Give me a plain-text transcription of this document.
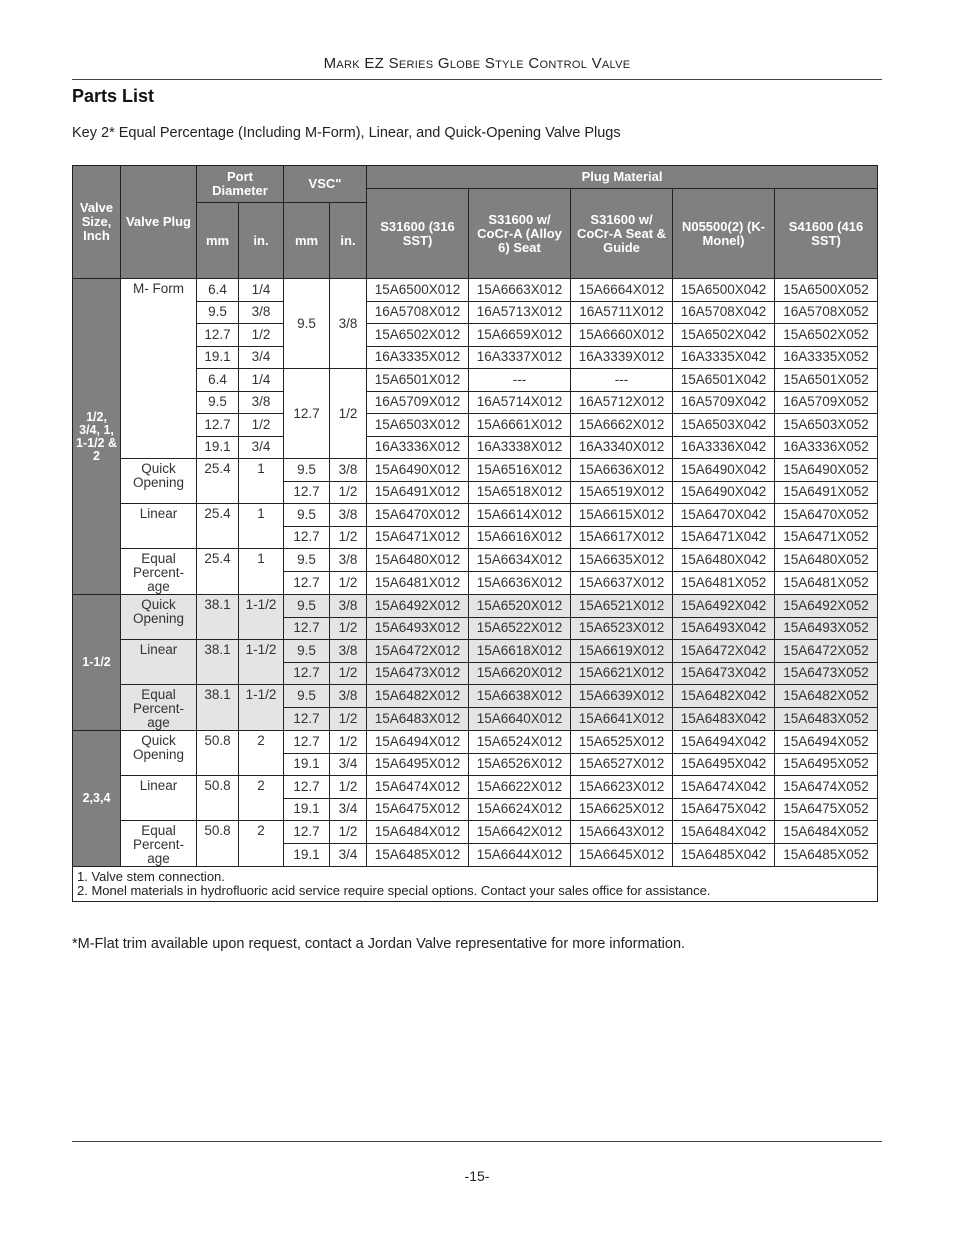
Mark EZ Series Globe Style Control Valve
Parts List
Key 2* Equal Percentage (Including M-Form), Linear, and Quick-Opening Valve Plugs
Valve Size, Inch	Valve Plug	Port Diameter		VSC"		Plug Material				
						S31600 (316 SST)	S31600 w/ CoCr-A (Alloy 6) Seat	S31600 w/ CoCr-A Seat & Guide	N05500(2) (K-Monel)	S41600 (416 SST)
		mm	in.	mm	in.					
1/2, 3/4, 1, 1-1/2 & 2	M- Form	6.4	1/4	9.5	3/8	15A6500X012	15A6663X012	15A6664X012	15A6500X042	15A6500X052
		9.5	3/8			16A5708X012	16A5713X012	16A5711X012	16A5708X042	16A5708X052
		12.7	1/2			15A6502X012	15A6659X012	15A6660X012	15A6502X042	15A6502X052
		19.1	3/4			16A3335X012	16A3337X012	16A3339X012	16A3335X042	16A3335X052
		6.4	1/4	12.7	1/2	15A6501X012	---	---	15A6501X042	15A6501X052
		9.5	3/8			16A5709X012	16A5714X012	16A5712X012	16A5709X042	16A5709X052
		12.7	1/2			15A6503X012	15A6661X012	15A6662X012	15A6503X042	15A6503X052
		19.1	3/4			16A3336X012	16A3338X012	16A3340X012	16A3336X042	16A3336X052
	Quick Opening	25.4	1	9.5	3/8	15A6490X012	15A6516X012	15A6636X012	15A6490X042	15A6490X052
				12.7	1/2	15A6491X012	15A6518X012	15A6519X012	15A6490X042	15A6491X052
	Linear	25.4	1	9.5	3/8	15A6470X012	15A6614X012	15A6615X012	15A6470X042	15A6470X052
				12.7	1/2	15A6471X012	15A6616X012	15A6617X012	15A6471X042	15A6471X052
	Equal Percent- age	25.4	1	9.5	3/8	15A6480X012	15A6634X012	15A6635X012	15A6480X042	15A6480X052
				12.7	1/2	15A6481X012	15A6636X012	15A6637X012	15A6481X052	15A6481X052
1-1/2	Quick Opening	38.1	1-1/2	9.5	3/8	15A6492X012	15A6520X012	15A6521X012	15A6492X042	15A6492X052
				12.7	1/2	15A6493X012	15A6522X012	15A6523X012	15A6493X042	15A6493X052
	Linear	38.1	1-1/2	9.5	3/8	15A6472X012	15A6618X012	15A6619X012	15A6472X042	15A6472X052
				12.7	1/2	15A6473X012	15A6620X012	15A6621X012	15A6473X042	15A6473X052
	Equal Percent- age	38.1	1-1/2	9.5	3/8	15A6482X012	15A6638X012	15A6639X012	15A6482X042	15A6482X052
				12.7	1/2	15A6483X012	15A6640X012	15A6641X012	15A6483X042	15A6483X052
2,3,4	Quick Opening	50.8	2	12.7	1/2	15A6494X012	15A6524X012	15A6525X012	15A6494X042	15A6494X052
				19.1	3/4	15A6495X012	15A6526X012	15A6527X012	15A6495X042	15A6495X052
	Linear	50.8	2	12.7	1/2	15A6474X012	15A6622X012	15A6623X012	15A6474X042	15A6474X052
				19.1	3/4	15A6475X012	15A6624X012	15A6625X012	15A6475X042	15A6475X052
	Equal Percent- age	50.8	2	12.7	1/2	15A6484X012	15A6642X012	15A6643X012	15A6484X042	15A6484X052
				19.1	3/4	15A6485X012	15A6644X012	15A6645X012	15A6485X042	15A6485X052

1. Valve stem connection.
2. Monel materials in hydrofluoric acid service require special options. Contact your sales office for assistance.										
*M-Flat trim available upon request, contact a Jordan Valve representative for more information.
-15-
